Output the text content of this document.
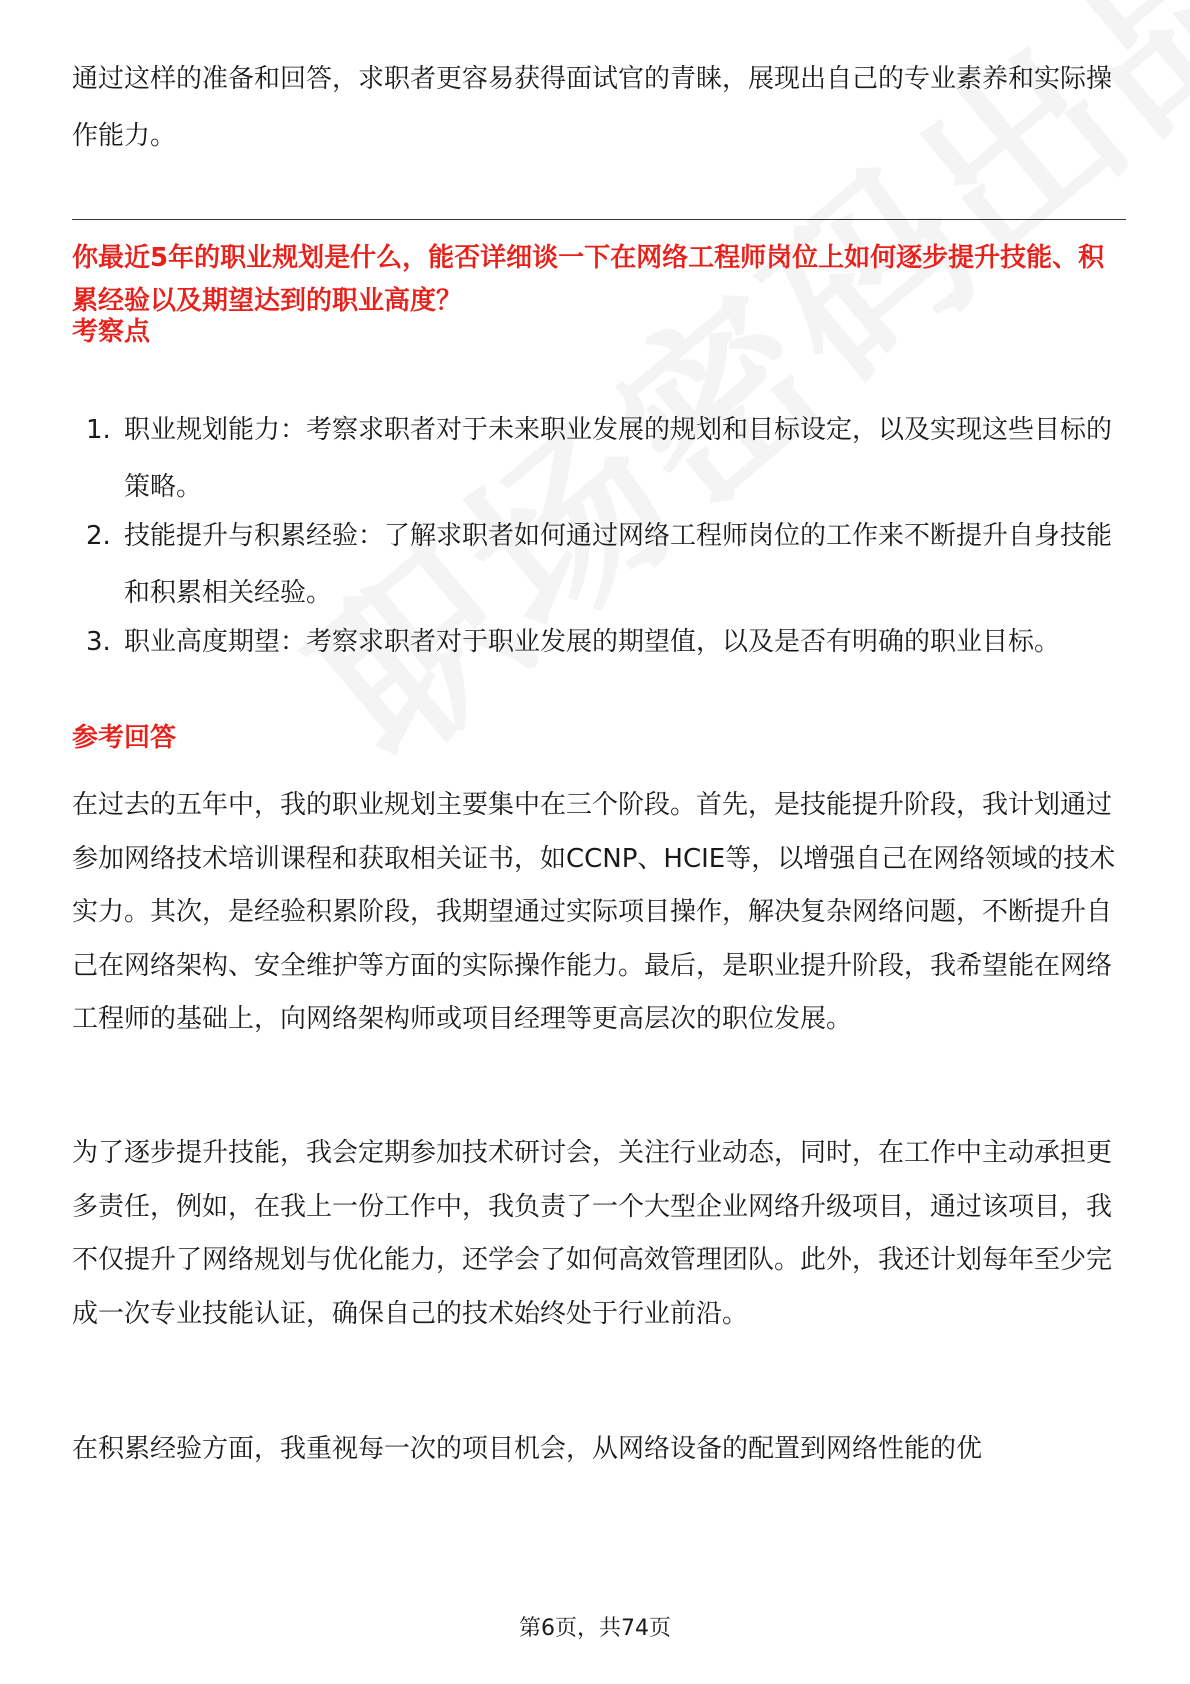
通过这样的准备和回答，求职者更容易获得面试官的青睐，展现出自己的专业素养和实际操作能力。

你最近5年的职业规划是什么，能否详细谈一下在网络工程师岗位上如何逐步提升技能、积累经验以及期望达到的职业高度？

考察点
1. 职业规划能力：考察求职者对于未来职业发展的规划和目标设定，以及实现这些目标的策略。
2. 技能提升与积累经验：了解求职者如何通过网络工程师岗位的工作来不断提升自身技能和积累相关经验。
3. 职业高度期望：考察求职者对于职业发展的期望值，以及是否有明确的职业目标。
参考回答

在过去的五年中，我的职业规划主要集中在三个阶段。首先，是技能提升阶段，我计划通过参加网络技术培训课程和获取相关证书，如CCNP、HCIE等，以增强自己在网络领域的技术实力。其次，是经验积累阶段，我期望通过实际项目操作，解决复杂网络问题，不断提升自己在网络架构、安全维护等方面的实际操作能力。最后，是职业提升阶段，我希望能在网络工程师的基础上，向网络架构师或项目经理等更高层次的职位发展。

为了逐步提升技能，我会定期参加技术研讨会，关注行业动态，同时，在工作中主动承担更多责任，例如，在我上一份工作中，我负责了一个大型企业网络升级项目，通过该项目，我不仅提升了网络规划与优化能力，还学会了如何高效管理团队。此外，我还计划每年至少完成一次专业技能认证，确保自己的技术始终处于行业前沿。

在积累经验方面，我重视每一次的项目机会，从网络设备的配置到网络性能的优

第6页，共74页
